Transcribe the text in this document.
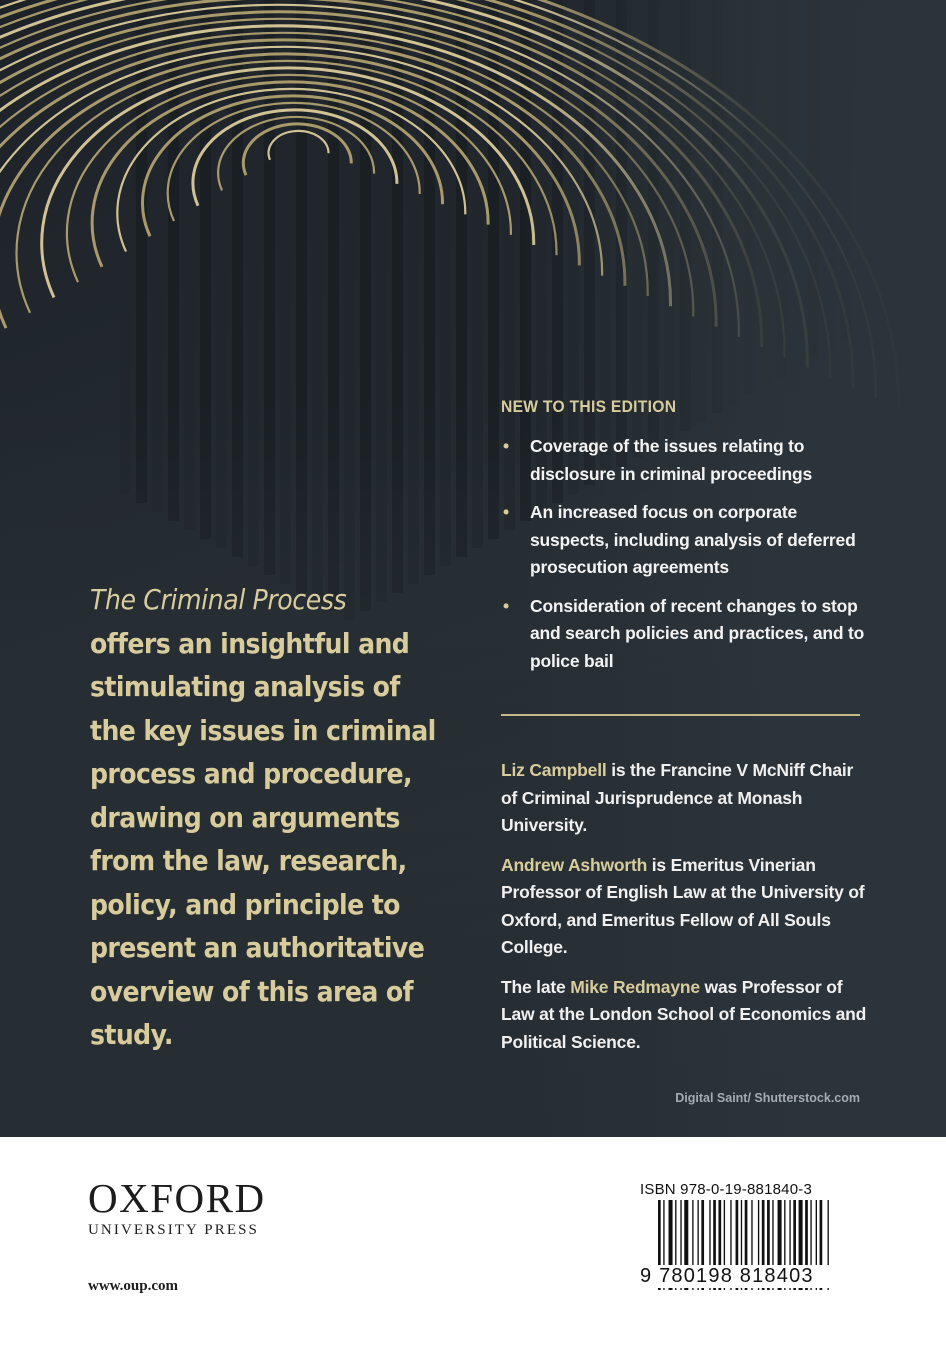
The Criminal Process
offers an insightful and stimulating analysis of the key issues in criminal process and procedure, drawing on arguments from the law, research, policy, and principle to present an authoritative overview of this area of study.
NEW TO THIS EDITION
• Coverage of the issues relating to disclosure in criminal proceedings
• An increased focus on corporate suspects, including analysis of deferred prosecution agreements
• Consideration of recent changes to stop and search policies and practices, and to police bail

Liz Campbell is the Francine V McNiff Chair of Criminal Jurisprudence at Monash University.

Andrew Ashworth is Emeritus Vinerian Professor of English Law at the University of Oxford, and Emeritus Fellow of All Souls College.

The late Mike Redmayne was Professor of Law at the London School of Economics and Political Science.

Digital Saint/ Shutterstock.com
OXFORD
UNIVERSITY PRESS
www.oup.com
ISBN 978-0-19-881840-3
9 780198 818403
